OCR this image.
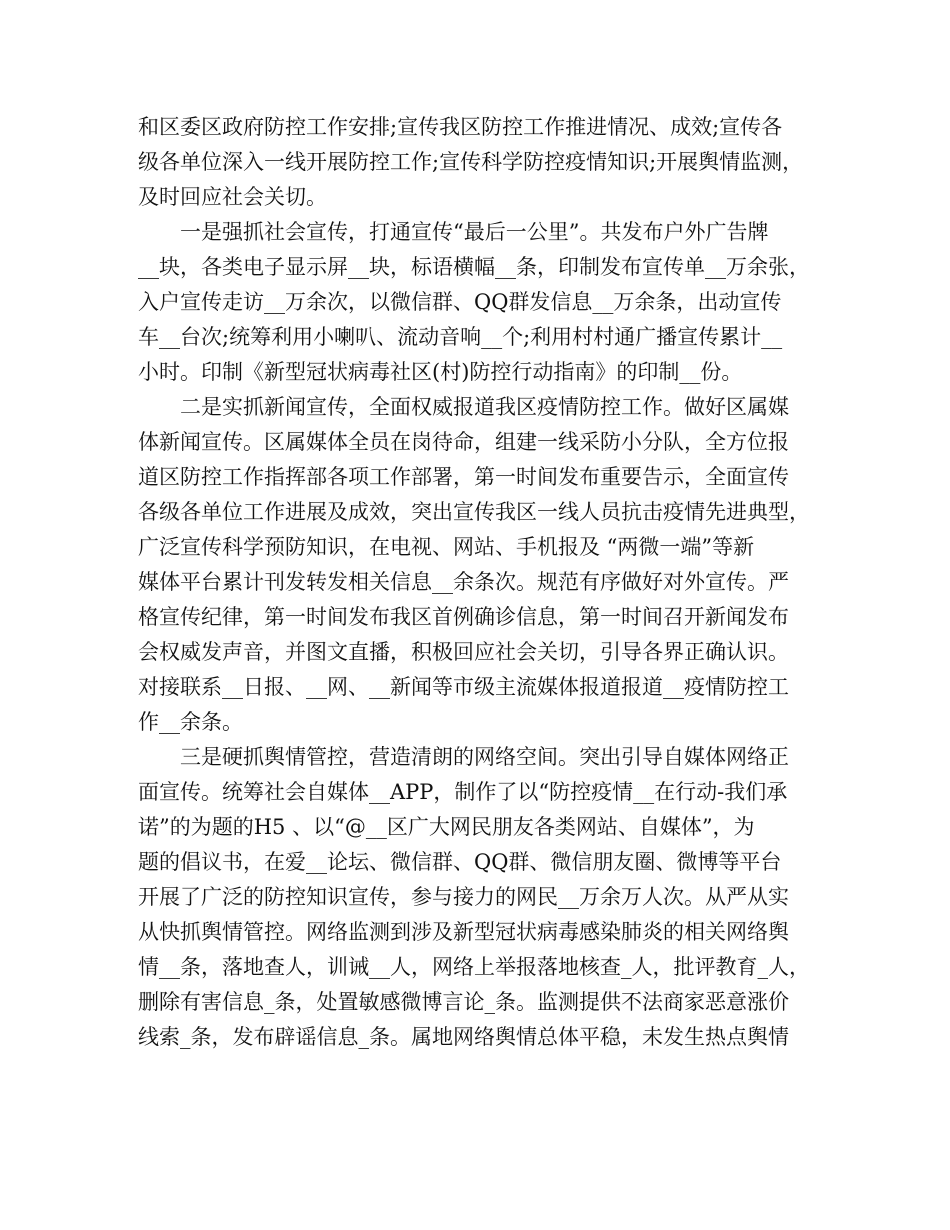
和区委区政府防控工作安排;宣传我区防控工作推进情况、成效;宣传各
级各单位深入一线开展防控工作;宣传科学防控疫情知识;开展舆情监测，
及时回应社会关切。
一是强抓社会宣传，打通宣传“最后一公里”。共发布户外广告牌
__块，各类电子显示屏__块，标语横幅__条，印制发布宣传单__万余张，
入户宣传走访__万余次，以微信群、QQ群发信息__万余条，出动宣传
车__台次;统筹利用小喇叭、流动音响__个;利用村村通广播宣传累计__
小时。印制《新型冠状病毒社区(村)防控行动指南》的印制__份。
二是实抓新闻宣传，全面权威报道我区疫情防控工作。做好区属媒
体新闻宣传。区属媒体全员在岗待命，组建一线采防小分队，全方位报
道区防控工作指挥部各项工作部署，第一时间发布重要告示，全面宣传
各级各单位工作进展及成效，突出宣传我区一线人员抗击疫情先进典型，
广泛宣传科学预防知识，在电视、网站、手机报及 “两微一端”等新
媒体平台累计刊发转发相关信息__余条次。规范有序做好对外宣传。严
格宣传纪律，第一时间发布我区首例确诊信息，第一时间召开新闻发布
会权威发声音，并图文直播，积极回应社会关切，引导各界正确认识。
对接联系__日报、__网、__新闻等市级主流媒体报道报道__疫情防控工
作__余条。
三是硬抓舆情管控，营造清朗的网络空间。突出引导自媒体网络正
面宣传。统筹社会自媒体__APP，制作了以“防控疫情__在行动-我们承
诺”的为题的H5 、以“@__区广大网民朋友各类网站、自媒体”，为
题的倡议书，在爱__论坛、微信群、QQ群、微信朋友圈、微博等平台
开展了广泛的防控知识宣传，参与接力的网民__万余万人次。从严从实
从快抓舆情管控。网络监测到涉及新型冠状病毒感染肺炎的相关网络舆
情__条，落地查人，训诫__人，网络上举报落地核查_人，批评教育_人，
删除有害信息_条，处置敏感微博言论_条。监测提供不法商家恶意涨价
线索_条，发布辟谣信息_条。属地网络舆情总体平稳，未发生热点舆情
